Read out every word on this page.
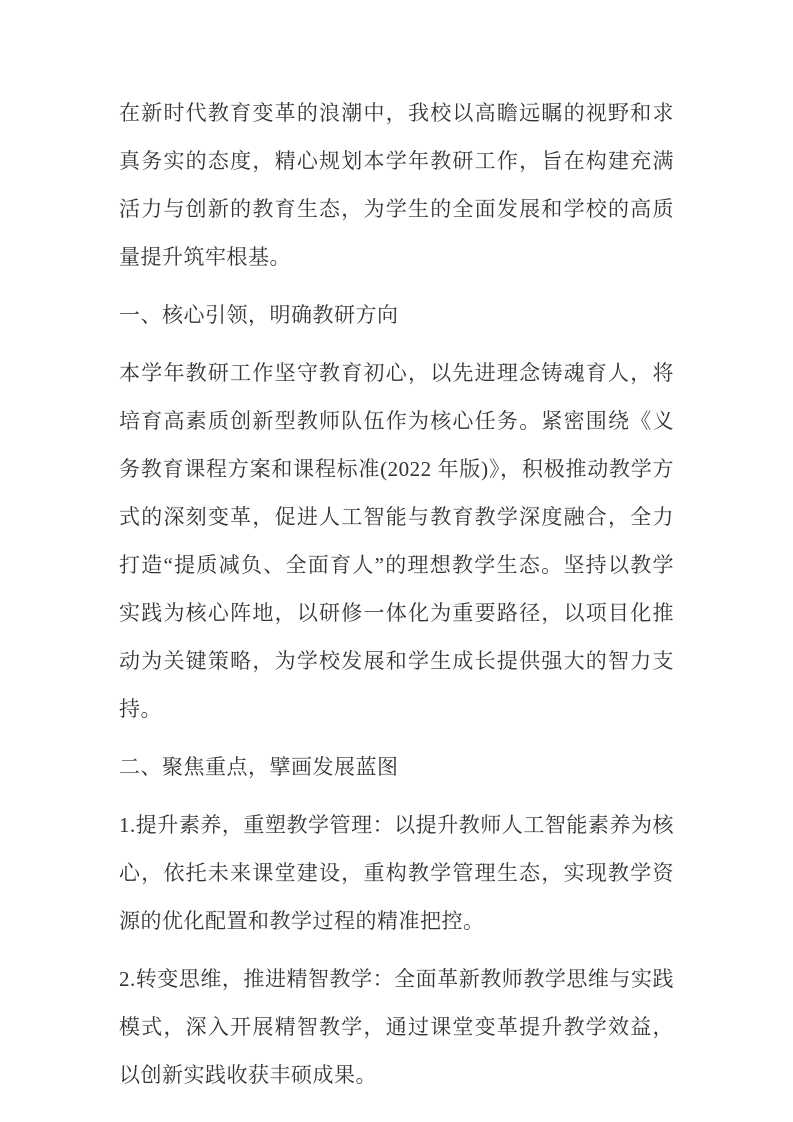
在新时代教育变革的浪潮中，我校以高瞻远瞩的视野和求真务实的态度，精心规划本学年教研工作，旨在构建充满活力与创新的教育生态，为学生的全面发展和学校的高质量提升筑牢根基。

一、核心引领，明确教研方向

本学年教研工作坚守教育初心，以先进理念铸魂育人，将培育高素质创新型教师队伍作为核心任务。紧密围绕《义务教育课程方案和课程标准(2022 年版)》，积极推动教学方式的深刻变革，促进人工智能与教育教学深度融合，全力打造“提质减负、全面育人”的理想教学生态。坚持以教学实践为核心阵地，以研修一体化为重要路径，以项目化推动为关键策略，为学校发展和学生成长提供强大的智力支持。

二、聚焦重点，擘画发展蓝图

1.提升素养，重塑教学管理：以提升教师人工智能素养为核心，依托未来课堂建设，重构教学管理生态，实现教学资源的优化配置和教学过程的精准把控。

2.转变思维，推进精智教学：全面革新教师教学思维与实践模式，深入开展精智教学，通过课堂变革提升教学效益，以创新实践收获丰硕成果。
